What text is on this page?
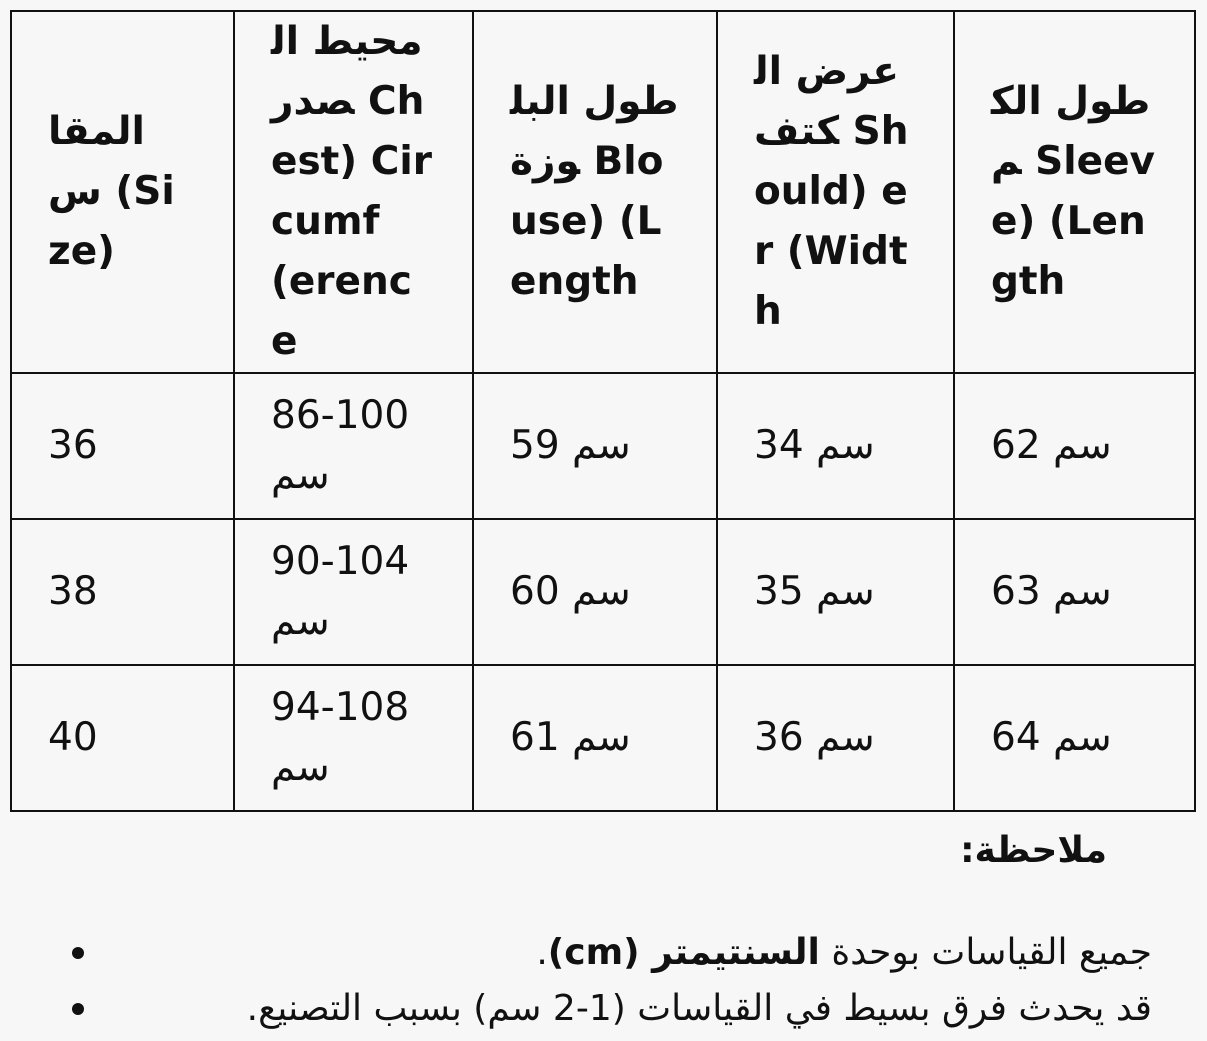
المقاس (Size)	محيط الصدر Chest) Circumf (erence	طول البلوزة Blouse) (Length	عرض الكتف Should) er (Width	طول الكم Sleeve) (Length

36	86-100 سم	59 سم	34 سم	62 سم
38	90-104 سم	60 سم	35 سم	63 سم
40	94-108 سم	61 سم	36 سم	64 سم
ملاحظة:
جميع القياسات بوحدة السنتيمتر (cm).
قد يحدث فرق بسيط في القياسات (1-2 سم) بسبب التصنيع.
